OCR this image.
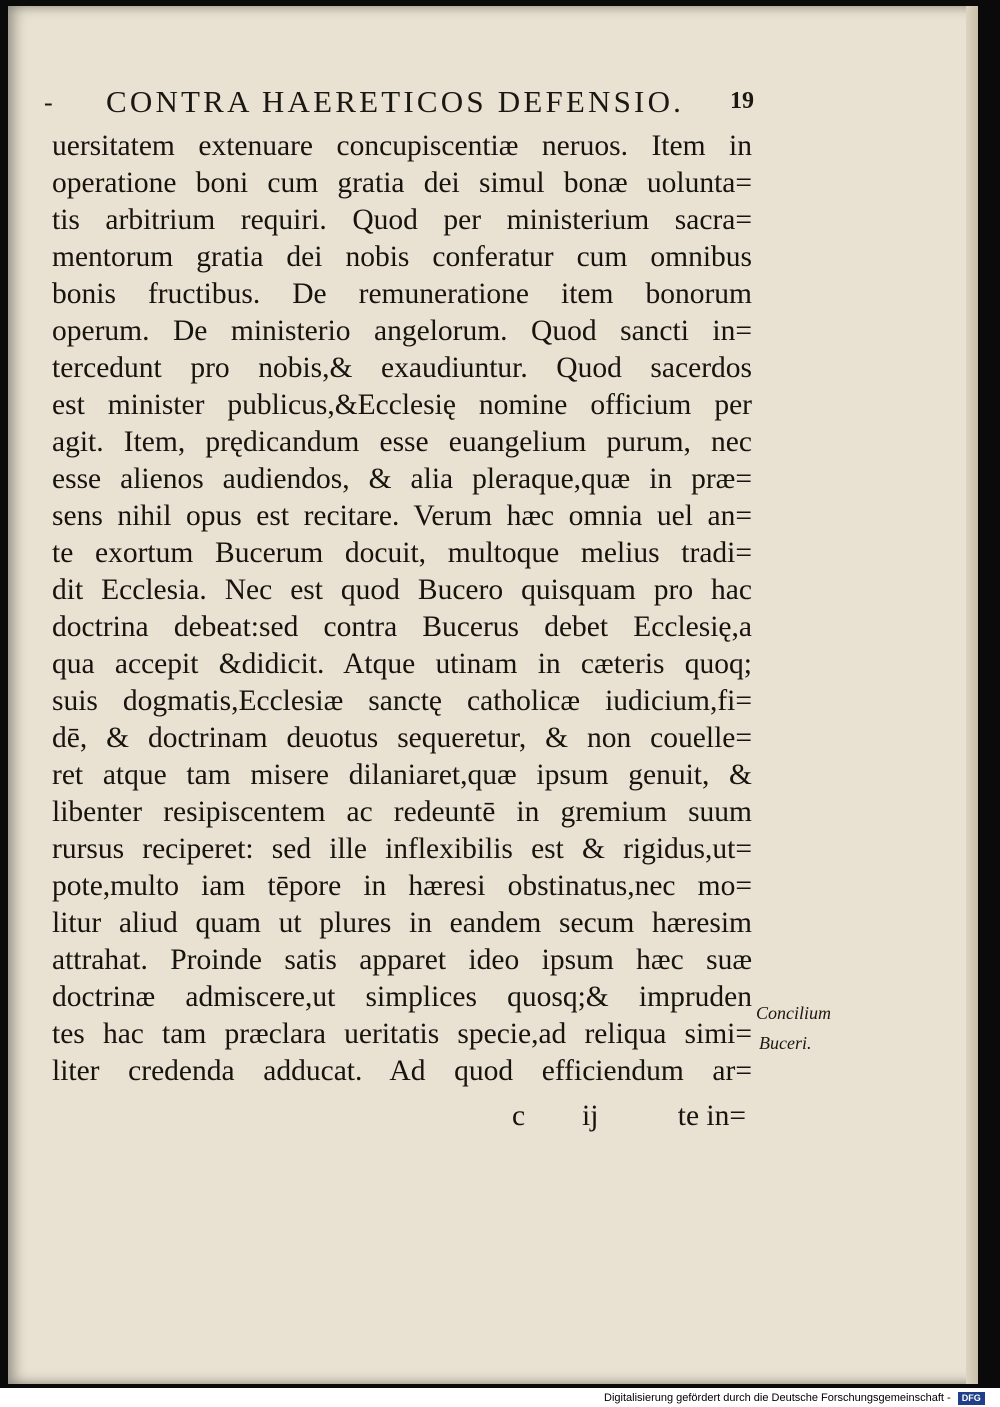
- CONTRA HAERETICOS DEFENSIO. 19
uersitatem extenuare concupiscentiæ neruos. Item in
operatione boni cum gratia dei simul bonæ uolunta=
tis arbitrium requiri. Quod per ministerium sacra=
mentorum gratia dei nobis conferatur cum omnibus
bonis fructibus. De remuneratione item bonorum
operum. De ministerio angelorum. Quod sancti in=
tercedunt pro nobis,& exaudiuntur. Quod sacerdos
est minister publicus,&Ecclesię nomine officium per
agit. Item, prędicandum esse euangelium purum, nec
esse alienos audiendos, & alia pleraque,quæ in præ=
sens nihil opus est recitare. Verum hæc omnia uel an=
te exortum Bucerum docuit, multoque melius tradi=
dit Ecclesia. Nec est quod Bucero quisquam pro hac
doctrina debeat:sed contra Bucerus debet Ecclesię,a
qua accepit &didicit. Atque utinam in cæteris quoq;
suis dogmatis,Ecclesiæ sanctę catholicæ iudicium,fi=
dē, & doctrinam deuotus sequeretur, & non couelle=
ret atque tam misere dilaniaret,quæ ipsum genuit, &
libenter resipiscentem ac redeuntē in gremium suum
rursus reciperet: sed ille inflexibilis est & rigidus,ut=
pote,multo iam tēpore in hæresi obstinatus,nec mo=
litur aliud quam ut plures in eandem secum hæresim
attrahat. Proinde satis apparet ideo ipsum hæc suæ
doctrinæ admiscere,ut simplices quosq;& impruden
tes hac tam præclara ueritatis specie,ad reliqua simi=
liter credenda adducat. Ad quod efficiendum ar=
c ij	te in=
Concilium
Buceri.
Digitalisierung gefördert durch die Deutsche Forschungsgemeinschaft - DFG
